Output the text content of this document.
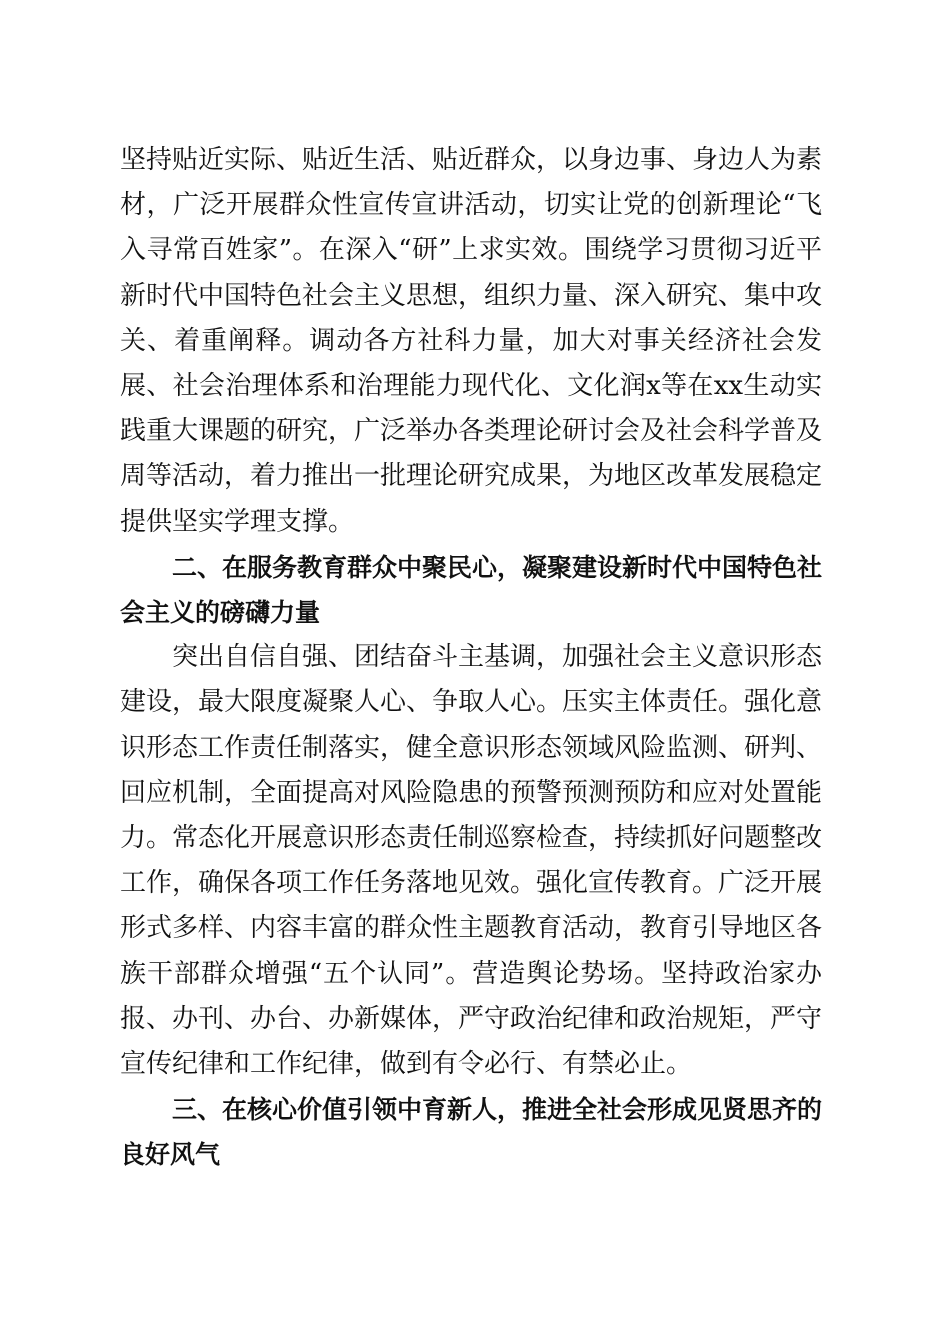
坚持贴近实际、贴近生活、贴近群众，以身边事、身边人为素材，广泛开展群众性宣传宣讲活动，切实让党的创新理论“飞入寻常百姓家”。在深入“研”上求实效。围绕学习贯彻习近平新时代中国特色社会主义思想，组织力量、深入研究、集中攻关、着重阐释。调动各方社科力量，加大对事关经济社会发展、社会治理体系和治理能力现代化、文化润x等在xx生动实践重大课题的研究，广泛举办各类理论研讨会及社会科学普及周等活动，着力推出一批理论研究成果，为地区改革发展稳定提供坚实学理支撑。

二、在服务教育群众中聚民心，凝聚建设新时代中国特色社会主义的磅礴力量

突出自信自强、团结奋斗主基调，加强社会主义意识形态建设，最大限度凝聚人心、争取人心。压实主体责任。强化意识形态工作责任制落实，健全意识形态领域风险监测、研判、回应机制，全面提高对风险隐患的预警预测预防和应对处置能力。常态化开展意识形态责任制巡察检查，持续抓好问题整改工作，确保各项工作任务落地见效。强化宣传教育。广泛开展形式多样、内容丰富的群众性主题教育活动，教育引导地区各族干部群众增强“五个认同”。营造舆论势场。坚持政治家办报、办刊、办台、办新媒体，严守政治纪律和政治规矩，严守宣传纪律和工作纪律，做到有令必行、有禁必止。

三、在核心价值引领中育新人，推进全社会形成见贤思齐的良好风气
